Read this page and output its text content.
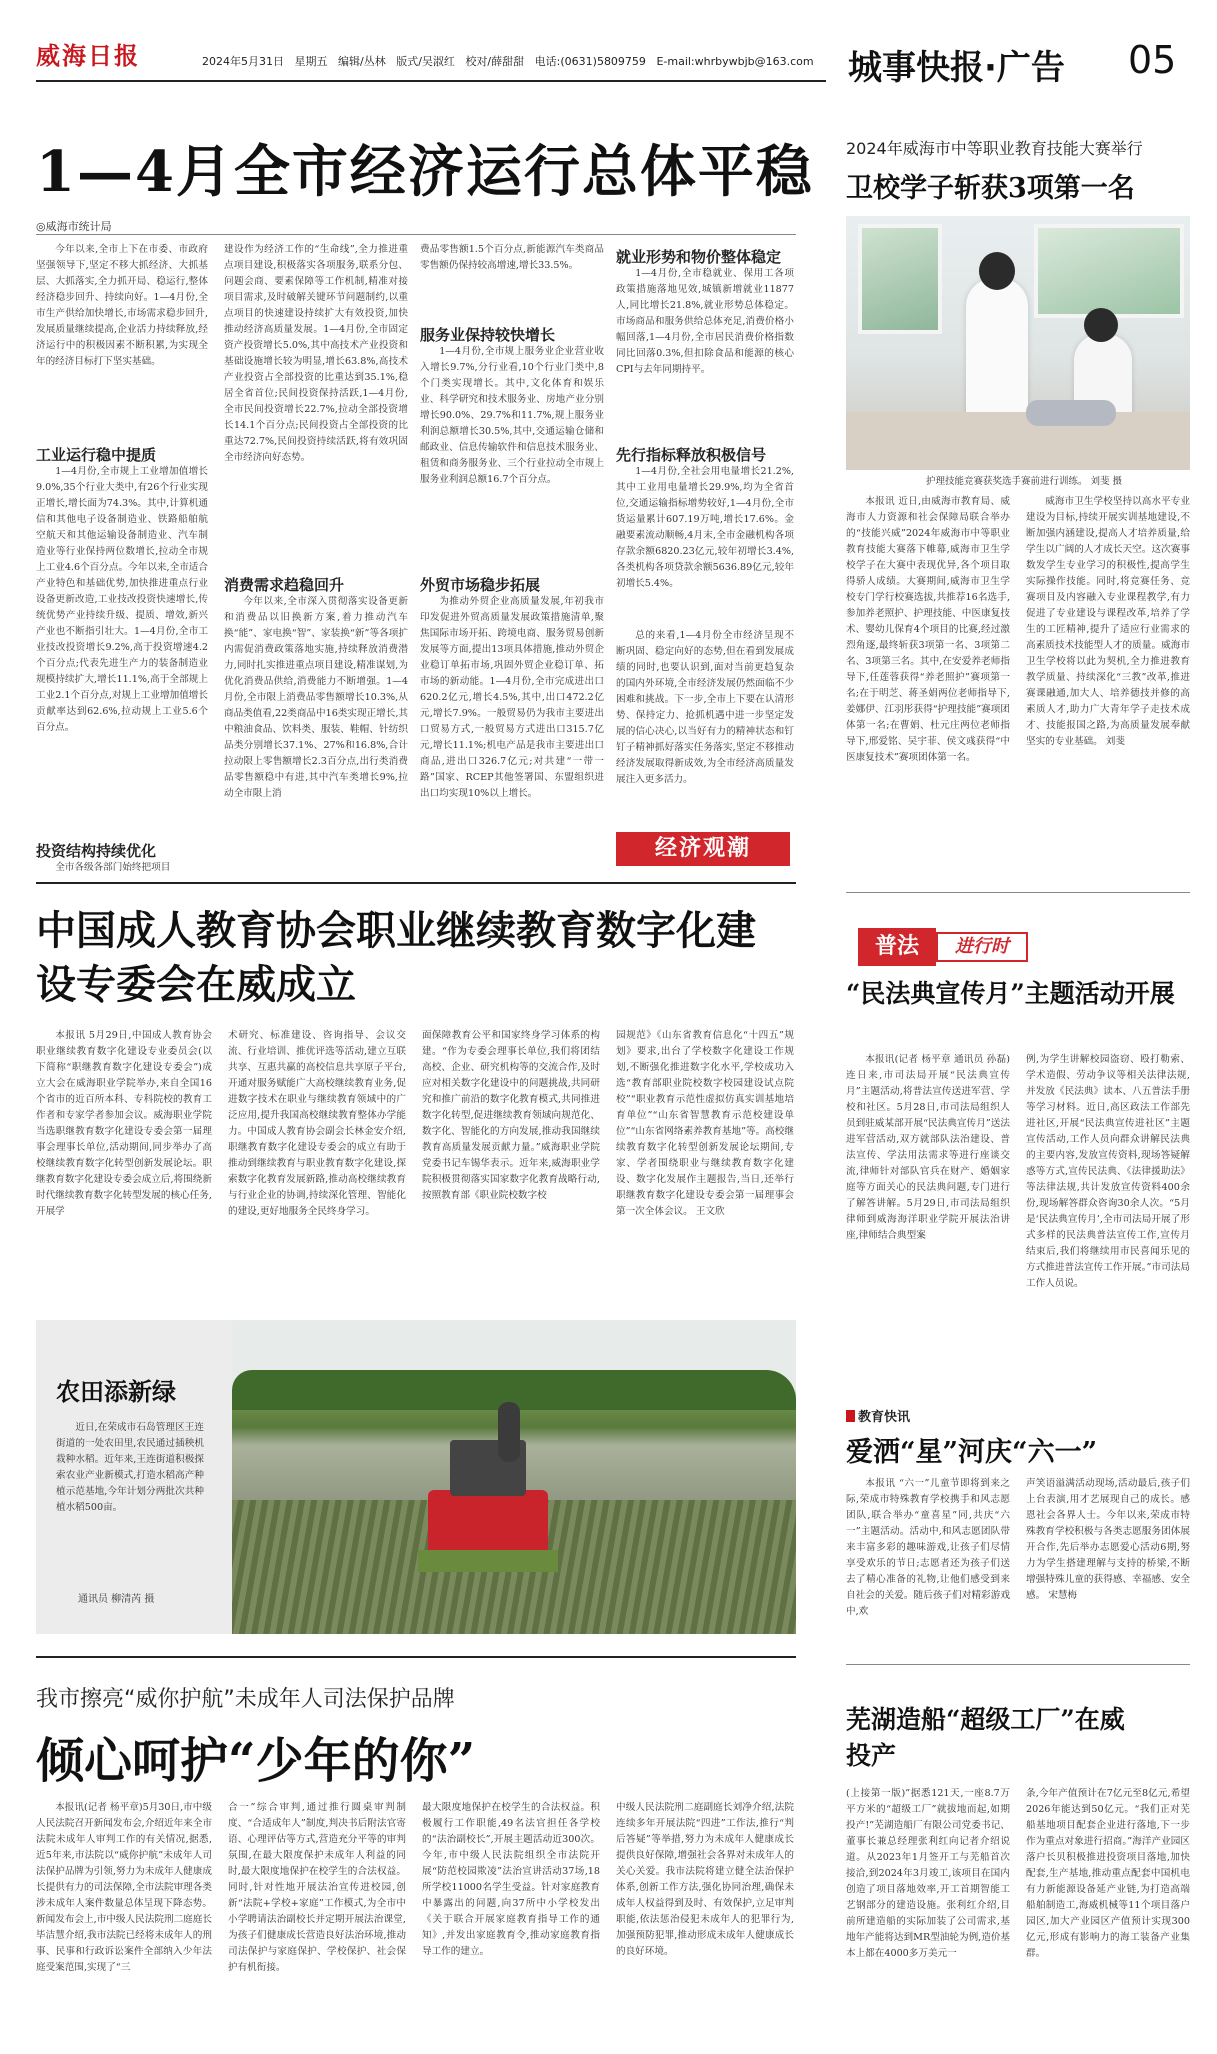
威海日报	2024年5月31日 星期五 编辑/丛林 版式/吴淑红 校对/薛甜甜 电话:(0631)5809759 E-mail:whrbywbjb@163.com 城事快报·广告 05
1—4月全市经济运行总体平稳
◎威海市统计局

今年以来,全市上下在市委、市政府坚强领导下,坚定不移大抓经济、大抓基层、大抓落实,全力抓开局、稳运行,整体经济稳步回升、持续向好。1—4月份,全市生产供给加快增长,市场需求稳步回升,发展质量继续提高,企业活力持续释放,经济运行中的积极因素不断积累,为实现全年的经济目标打下坚实基础。

工业运行稳中提质

1—4月份,全市规上工业增加值增长9.0%,35个行业大类中,有26个行业实现正增长,增长面为74.3%。其中,计算机通信和其他电子设备制造业、铁路船舶航空航天和其他运输设备制造业、汽车制造业等行业保持两位数增长,拉动全市规上工业4.6个百分点。今年以来,全市适合产业特色和基础优势,加快推进重点行业设备更新改造,工业技改投资快速增长,传统优势产业持续升级、提质、增效,新兴产业也不断指引壮大。1—4月份,全市工业技改投资增长9.2%,高于投资增速4.2个百分点;代表先进生产力的装备制造业规模持续扩大,增长11.1%,高于全部规上工业2.1个百分点,对规上工业增加值增长贡献率达到62.6%,拉动规上工业5.6个百分点。

投资结构持续优化

全市各级各部门始终把项目

建设作为经济工作的“生命线”,全力推进重点项目建设,积极落实各项服务,联系分包、问题会商、要素保障等工作机制,精准对接项目需求,及时破解关键环节问题制约,以重点项目的快速建设持续扩大有效投资,加快推动经济高质量发展。1—4月份,全市固定资产投资增长5.0%,其中高技术产业投资和基础设施增长较为明显,增长63.8%,高技术产业投资占全部投资的比重达到35.1%,稳居全省首位;民间投资保持活跃,1—4月份,全市民间投资增长22.7%,拉动全部投资增长14.1个百分点;民间投资占全部投资的比重达72.7%,民间投资持续活跃,将有效巩固全市经济向好态势。

消费需求趋稳回升

今年以来,全市深入贯彻落实设备更新和消费品以旧换新方案,着力推动汽车换“能”、家电换“智”、家装换“新”等各项扩内需促消费政策落地实施,持续释放消费潜力,同时扎实推进重点项目建设,精准谋划,为优化消费品供给,消费能力不断增强。1—4月份,全市限上消费品零售额增长10.3%,从商品类值看,22类商品中16类实现正增长,其中粮油食品、饮料类、服装、鞋帽、针纺织品类分别增长37.1%、27%和16.8%,合计拉动限上零售额增长2.3百分点,出行类消费品零售额稳中有进,其中汽车类增长9%,拉动全市限上消

费品零售额1.5个百分点,新能源汽车类商品零售额仍保持较高增速,增长33.5%。

服务业保持较快增长

1—4月份,全市规上服务业企业营业收入增长9.7%,分行业看,10个行业门类中,8个门类实现增长。其中,文化体育和娱乐业、科学研究和技术服务业、房地产业分别增长90.0%、29.7%和11.7%,规上服务业利润总额增长30.5%,其中,交通运输仓储和邮政业、信息传输软件和信息技术服务业、租赁和商务服务业、三个行业拉动全市规上服务业利润总额16.7个百分点。

外贸市场稳步拓展

为推动外贸企业高质量发展,年初我市印发促进外贸高质量发展政策措施清单,聚焦国际市场开拓、跨境电商、服务贸易创新发展等方面,提出13项具体措施,推动外贸企业稳订单拓市场,巩固外贸企业稳订单、拓市场的新动能。1—4月份,全市完成进出口620.2亿元,增长4.5%,其中,出口472.2亿元,增长7.9%。一般贸易仍为我市主要进出口贸易方式,一般贸易方式进出口315.7亿元,增长11.1%;机电产品是我市主要进出口商品,进出口326.7亿元;对共建“一带一路”国家、RCEP其他签署国、东盟组织进出口均实现10%以上增长。

就业形势和物价整体稳定

1—4月份,全市稳就业、保用工各项政策措施落地见效,城镇新增就业11877人,同比增长21.8%,就业形势总体稳定。市场商品和服务供给总体充足,消费价格小幅回落,1—4月份,全市居民消费价格指数同比回落0.3%,但扣除食品和能源的核心CPI与去年同期持平。

先行指标释放积极信号

1—4月份,全社会用电量增长21.2%,其中工业用电量增长29.9%,均为全省首位,交通运输指标增势较好,1—4月份,全市货运量累计607.19万吨,增长17.6%。金融要素流动顺畅,4月末,全市金融机构各项存款余额6820.23亿元,较年初增长3.4%,各类机构各项贷款余额5636.89亿元,较年初增长5.4%。

总的来看,1—4月份全市经济呈现不断巩固、稳定向好的态势,但在看到发展成绩的同时,也要认识到,面对当前更趋复杂的国内外环境,全市经济发展仍然面临不少困难和挑战。下一步,全市上下要在认清形势、保持定力、抢抓机遇中进一步坚定发展的信心决心,以当好有力的精神状态和钉钉子精神抓好落实任务落实,坚定不移推动经济发展取得新成效,为全市经济高质量发展注入更多活力。

经济观潮
2024年威海市中等职业教育技能大赛举行
卫校学子斩获3项第一名
护理技能竞赛获奖选手赛前进行训练。 刘斐 摄

本报讯 近日,由威海市教育局、威海市人力资源和社会保障局联合举办的“技能兴威”2024年威海市中等职业教育技能大赛落下帷幕,威海市卫生学校学子在大赛中表现优异,各个项目取得骄人成绩。大赛期间,威海市卫生学校专门学行校赛选拔,共推荐16名选手,参加养老照护、护理技能、中医康复技术、婴幼儿保育4个项目的比赛,经过激烈角逐,最终斩获3项第一名、3项第二名、3项第三名。其中,在安爱养老师指导下,任莲蓉获得“养老照护”赛项第一名;在于明芝、蒋圣娟两位老师指导下,姜娜伊、江羽彤获得“护理技能”赛项团体第一名;在曹娟、杜元庄两位老师指导下,邢爱铭、吴宇菲、侯文彧获得“中医康复技术”赛项团体第一名。

威海市卫生学校坚持以高水平专业建设为目标,持续开展实训基地建设,不断加强内涵建设,提高人才培养质量,给学生以广阔的人才成长天空。这次赛事数发学生专业学习的积极性,提高学生实际操作技能。同时,将竞赛任务、竞赛项目及内容融入专业课程教学,有力促进了专业建设与课程改革,培养了学生的工匠精神,提升了适应行业需求的高素质技术技能型人才的质量。威海市卫生学校将以此为契机,全力推进教育教学质量、持续深化“三教”改革,推进赛课融通,加大人、培养德技并修的高素质人才,助力广大青年学子走技术成才、技能报国之路,为高质量发展奉献坚实的专业基础。 刘斐

中国成人教育协会职业继续教育数字化建设专委会在威成立

本报讯 5月29日,中国成人教育协会职业继续教育数字化建设专业委员会(以下简称“职继教育数字化建设专委会”)成立大会在威海职业学院举办,来自全国16个省市的近百所本科、专科院校的教育工作者和专家学者参加会议。威海职业学院当选职继教育数字化建设专委会第一届理事会理事长单位,活动期间,同步举办了高校继续教育数字化转型创新发展论坛。职继教育数字化建设专委会成立后,将围绕新时代继续教育数字化转型发展的核心任务,开展学

术研究、标准建设、咨询指导、会议交流、行业培训、推优评选等活动,建立互联共享、互惠共赢的高校信息共享原子平台,开通对服务赋能广大高校继续教育业务,促进数字技术在职业与继续教育领域中的广泛应用,提升我国高校继续教育整体办学能力。中国成人教育协会副会长林金安介绍,职继教育数字化建设专委会的成立有助于推动到继续教育与职业教育数字化建设,探索数字化教育发展新路,推动高校继续教育与行业企业的协调,持续深化管理、智能化的建设,更好地服务全民终身学习。

面保障教育公平和国家终身学习体系的构建。“作为专委会理事长单位,我们将团结高校、企业、研究机构等的交流合作,及时应对相关数字化建设中的问题挑战,共同研究和推广前沿的数字化教育模式,共同推进数字化转型,促进继续教育领域向规范化、数字化、智能化的方向发展,推动我国继续教育高质量发展贡献力量。”威海职业学院党委书记车锡华表示。近年来,威海职业学院积极贯彻落实国家数字化教育战略行动,按照教育部《职业院校数字校

园规范》《山东省教育信息化“十四五”规划》要求,出台了学校数字化建设工作规划,不断强化推进数字化水平,学校成功入选“教育部职业院校数字校园建设试点院校”“职业教育示范性虚拟仿真实训基地培育单位”“山东省智慧教育示范校建设单位”“山东省网络素养教育基地”等。高校继续教育数字化转型创新发展论坛期间,专家、学者围绕职业与继续教育数字化建设、数字化发展作主题报告,当日,还举行职继教育数字化建设专委会第一届理事会第一次全体会议。 王文欣

农田添新绿
近日,在荣成市石岛管理区王连街道的一处农田里,农民通过插秧机栽种水稻。近年来,王连街道积极探索农业产业新模式,打造水稻高产种植示范基地,今年计划分两批次共种植水稻500亩。
通讯员 柳清芮 摄
普法	进行时
“民法典宣传月”主题活动开展

本报讯(记者 杨平章 通讯员 孙磊)连日来,市司法局开展“民法典宣传月”主题活动,将普法宣传送进军营、学校和社区。5月28日,市司法局组织人员到驻威某部开展“民法典宣传月”送法进军营活动,双方就部队法治建设、普法宣传、学法用法需求等进行座谈交流,律师针对部队官兵在财产、婚姻家庭等方面关心的民法典问题,专门进行了解答讲解。5月29日,市司法局组织律师到威海海洋职业学院开展法治讲座,律师结合典型案

例,为学生讲解校园盗窃、殴打勒索、学术造假、劳动争议等相关法律法规,并发放《民法典》读本、八五普法手册等学习材料。近日,高区政法工作部先进社区,开展“民法典宣传进社区”主题宣传活动,工作人员向群众讲解民法典的主要内容,发放宣传资料,现场答疑解惑等方式,宣传民法典、《法律援助法》等法律法规,共计发放宣传资料400余份,现场解答群众咨询30余人次。“5月是‘民法典宣传月’,全市司法局开展了形式多样的民法典普法宣传工作,宣传月结束后,我们将继续用市民喜闻乐见的方式推进普法宣传工作开展。”市司法局工作人员说。

教育快讯
爱洒“星”河庆“六一”

本报讯 “六一”儿童节即将到来之际,荣成市特殊教育学校携手和风志愿团队,联合举办“童喜星”同,共庆“六一”主题活动。活动中,和风志愿团队带来丰富多彩的趣味游戏,让孩子们尽情享受欢乐的节日;志愿者还为孩子们送去了精心准备的礼物,让他们感受到来自社会的关爱。随后孩子们对精彩游戏中,欢

声笑语溢满活动现场,活动最后,孩子们上台表演,用才艺展现自己的成长。感恩社会各界人士。今年以来,荣成市特殊教育学校积极与各类志愿服务团体展开合作,先后举办志愿爱心活动6期,努力为学生搭建理解与支持的桥梁,不断增强特殊儿童的获得感、幸福感、安全感。 宋慧梅

芜湖造船“超级工厂”在威投产

(上接第一版)”据悉121天,一座8.7万平方米的“超级工厂”就拔地而起,如期投产!”芜湖造船厂有限公司党委书记、董事长兼总经理张利红向记者介绍说道。从2023年1月签开工与芜船首次接洽,到2024年3月竣工,该项目在国内创造了项目落地效率,开工首期智能工艺钢部分的建造设施。张利红介绍,目前所建造船的实际加装了公司需求,基地年产能将达到MR型油轮为例,造价基本上都在4000多万美元一

条,今年产值预计在7亿元至8亿元,希望2026年能达到50亿元。“我们正对芜船基地项目配套企业进行落地,下一步作为重点对象进行招商。”海洋产业园区落户长贝积极推进投资项目落地,加快配套,生产基地,推动重点配套中国机电有力新能源设备延产业链,为打造高端船舶制造工,海威机械等11个项目落户园区,加大产业园区产值预计实现300亿元,形成有影响力的海工装备产业集群。

我市擦亮“威你护航”未成年人司法保护品牌
倾心呵护“少年的你”

本报讯(记者 杨平章)5月30日,市中级人民法院召开新闻发布会,介绍近年来全市法院未成年人审判工作的有关情况,据悉,近5年来,市法院以“威你护航”未成年人司法保护品牌为引领,努力为未成年人健康成长提供有力的司法保障,全市法院审理各类涉未成年人案件数量总体呈现下降态势。新闻发布会上,市中级人民法院刑二庭庭长毕洁慧介绍,我市法院已经将未成年人的刑事、民事和行政诉讼案件全部纳入少年法庭受案范围,实现了“三

合一”综合审判,通过推行圆桌审判制度、“合适成年人”制度,判决书后附法官寄语、心理评估等方式,营造充分平等的审判氛围,在最大限度保护未成年人利益的同时,最大限度地保护在校学生的合法权益。同时,针对性地开展法治宣传进校园,创新“法院+学校+家庭”工作模式,为全市中小学聘请法治副校长并定期开展法治课堂,为孩子们健康成长营造良好法治环境,推动司法保护与家庭保护、学校保护、社会保护有机衔接。

最大限度地保护在校学生的合法权益。积极履行工作职能,49名法官担任各学校的“法治副校长”,开展主题活动近300次。今年,市中级人民法院组织全市法院开展“防范校园欺凌”法治宣讲活动37场,18所学校11000名学生受益。针对家庭教育中暴露出的问题,向37所中小学校发出《关于联合开展家庭教育指导工作的通知》,并发出家庭教育令,推动家庭教育指导工作的建立。

中级人民法院刑二庭副庭长刘净介绍,法院连续多年开展法院“四进”工作法,推行“判后答疑”等举措,努力为未成年人健康成长提供良好保障,增强社会各界对未成年人的关心关爱。我市法院将建立健全法治保护体系,创新工作方法,强化协同治理,确保未成年人权益得到及时、有效保护,立足审判职能,依法惩治侵犯未成年人的犯罪行为,加强预防犯罪,推动形成未成年人健康成长的良好环境。
